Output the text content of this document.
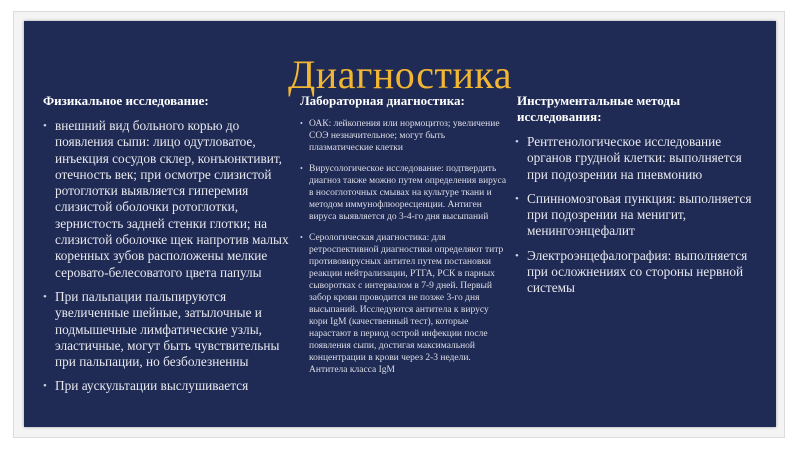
Диагностика
Физикальное исследование:
• внешний вид больного корью до появления сыпи: лицо одутловатое, инъекция сосудов склер, конъюнктивит, отечность век; при осмотре слизистой ротоглотки выявляется гиперемия слизистой оболочки ротоглотки, зернистость задней стенки глотки; на слизистой оболочке щек напротив малых коренных зубов расположены мелкие серовато-белесоватого цвета папулы
• При пальпации пальпируются увеличенные шейные, затылочные и подмышечные лимфатические узлы, эластичные, могут быть чувствительны при пальпации, но безболезненны
• При аускультации выслушивается
Лабораторная диагностика:
• ОАК: лейкопения или нормоцитоз; увеличение СОЭ незначительное; могут быть плазматические клетки
• Вирусологическое исследование: подтвердить диагноз также можно путем определения вируса в носоглоточных смывах на культуре ткани и методом иммунофлюоресценции. Антиген вируса выявляется до 3-4-го дня высыпаний
• Серологическая диагностика: для ретроспективной диагностики определяют титр противовирусных антител путем постановки реакции нейтрализации, РТГА, РСК в парных сыворотках с интервалом в 7-9 дней. Первый забор крови проводится не позже 3-го дня высыпаний. Исследуются антитела к вирусу кори IgM (качественный тест), которые нарастают в период острой инфекции после появления сыпи, достигая максимальной концентрации в крови через 2-3 недели. Антитела класса IgM
Инструментальные методы исследования:
• Рентгенологическое исследование органов грудной клетки: выполняется при подозрении на пневмонию
• Спинномозговая пункция: выполняется при подозрении на менигит, менингоэнцефалит
• Электроэнцефалография: выполняется при осложнениях со стороны нервной системы
